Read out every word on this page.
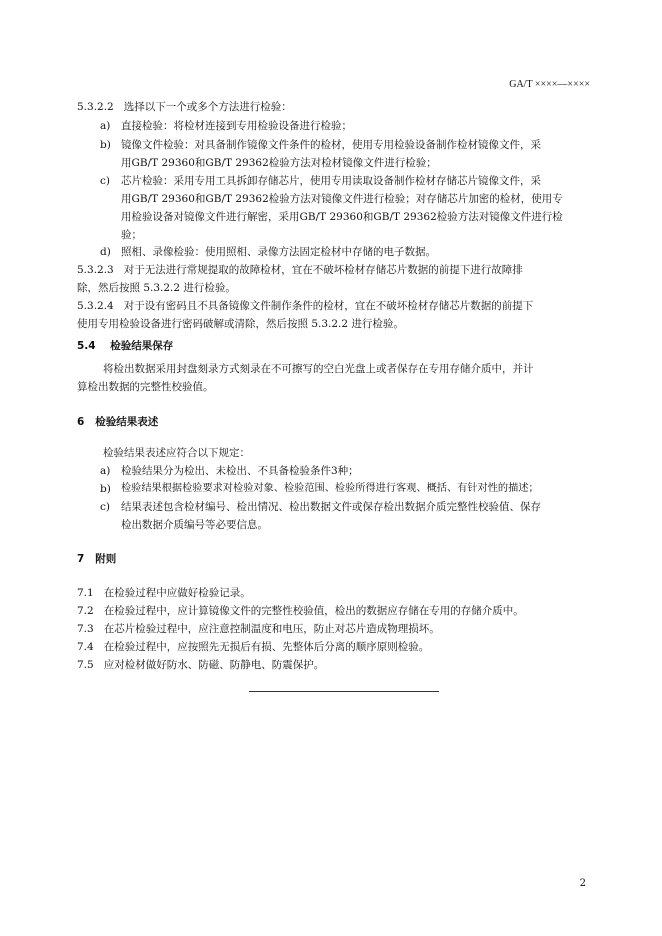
GA/T ××××—××××
5.3.2.2 选择以下一个或多个方法进行检验：
a) 直接检验：将检材连接到专用检验设备进行检验；
b) 镜像文件检验：对具备制作镜像文件条件的检材，使用专用检验设备制作检材镜像文件，采
用GB/T 29360和GB/T 29362检验方法对检材镜像文件进行检验；
c) 芯片检验：采用专用工具拆卸存储芯片，使用专用读取设备制作检材存储芯片镜像文件，采
用GB/T 29360和GB/T 29362检验方法对镜像文件进行检验；对存储芯片加密的检材，使用专
用检验设备对镜像文件进行解密，采用GB/T 29360和GB/T 29362检验方法对镜像文件进行检
验；
d) 照相、录像检验：使用照相、录像方法固定检材中存储的电子数据。
5.3.2.3 对于无法进行常规提取的故障检材，宜在不破坏检材存储芯片数据的前提下进行故障排
除，然后按照 5.3.2.2 进行检验。
5.3.2.4 对于设有密码且不具备镜像文件制作条件的检材，宜在不破坏检材存储芯片数据的前提下
使用专用检验设备进行密码破解或清除，然后按照 5.3.2.2 进行检验。
5.4 检验结果保存
将检出数据采用封盘刻录方式刻录在不可擦写的空白光盘上或者保存在专用存储介质中，并计
算检出数据的完整性校验值。
6 检验结果表述
检验结果表述应符合以下规定：
a) 检验结果分为检出、未检出、不具备检验条件3种；
b) 检验结果根据检验要求对检验对象、检验范围、检验所得进行客观、概括、有针对性的描述；
c) 结果表述包含检材编号、检出情况、检出数据文件或保存检出数据介质完整性校验值、保存
检出数据介质编号等必要信息。
7 附则
7.1 在检验过程中应做好检验记录。
7.2 在检验过程中，应计算镜像文件的完整性校验值，检出的数据应存储在专用的存储介质中。
7.3 在芯片检验过程中，应注意控制温度和电压，防止对芯片造成物理损坏。
7.4 在检验过程中，应按照先无损后有损、先整体后分离的顺序原则检验。
7.5 应对检材做好防水、防磁、防静电、防震保护。
2
